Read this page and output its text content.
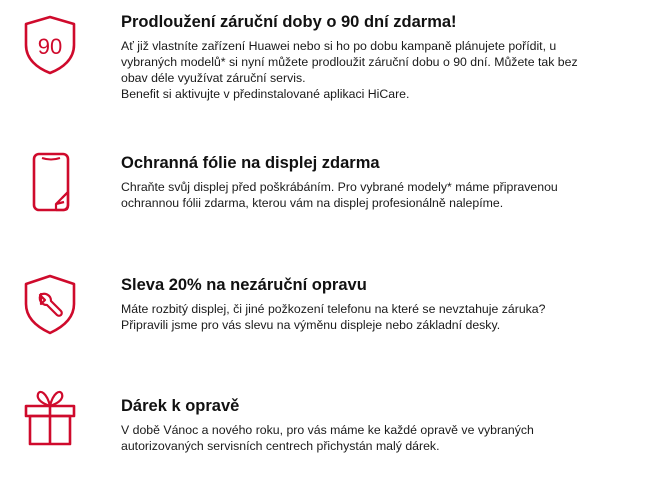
90
Prodloužení záruční doby o 90 dní zdarma!
Ať již vlastníte zařízení Huawei nebo si ho po dobu kampaně plánujete pořídit, u
vybraných modelů* si nyní můžete prodloužit záruční dobu o 90 dní. Můžete tak bez
obav déle využívat záruční servis.
Benefit si aktivujte v předinstalované aplikaci HiCare.
Ochranná fólie na displej zdarma
Chraňte svůj displej před poškrábáním. Pro vybrané modely* máme připravenou
ochrannou fólii zdarma, kterou vám na displej profesionálně nalepíme.
Sleva 20% na nezáruční opravu
Máte rozbitý displej, či jiné požkození telefonu na které se nevztahuje záruka?
Připravili jsme pro vás slevu na výměnu displeje nebo základní desky.
Dárek k opravě
V době Vánoc a nového roku, pro vás máme ke každé opravě ve vybraných
autorizovaných servisních centrech přichystán malý dárek.
